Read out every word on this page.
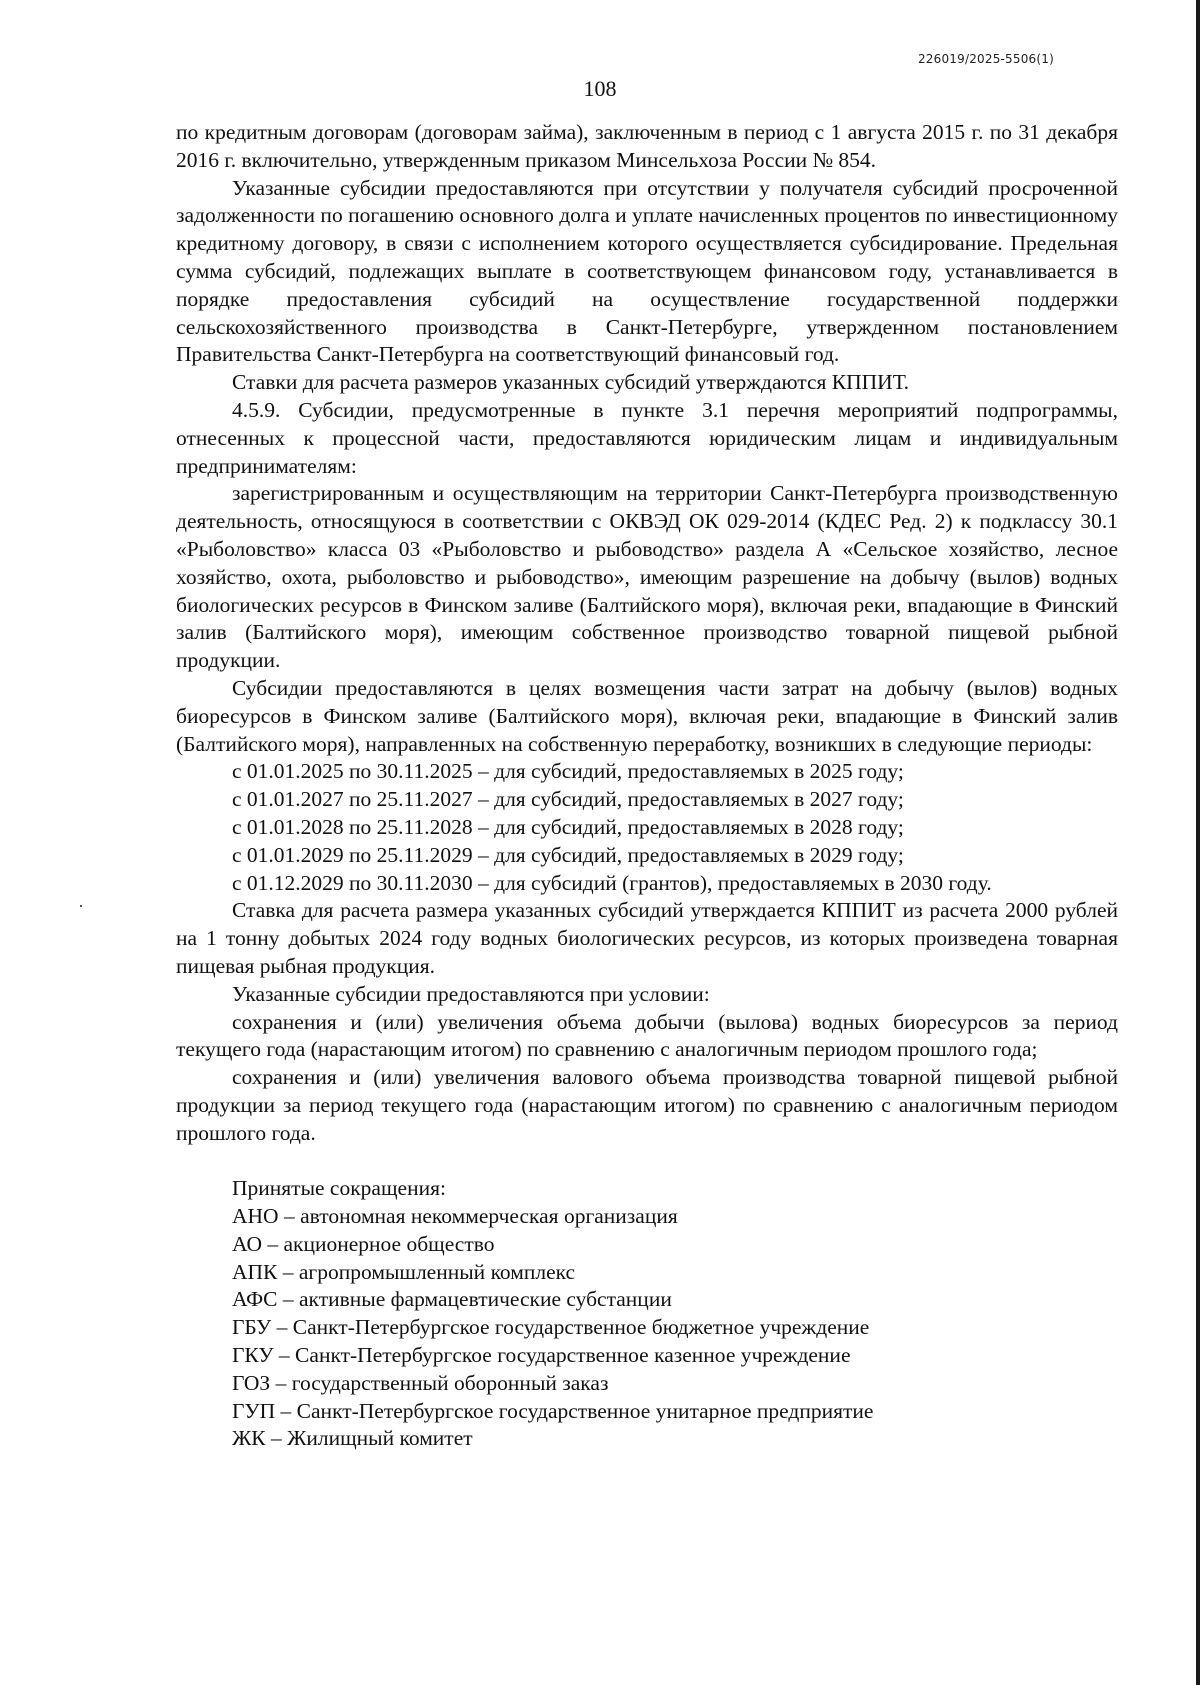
226019/2025-5506(1)
108

по кредитным договорам (договорам займа), заключенным в период с 1 августа 2015 г. по 31 декабря 2016 г. включительно, утвержденным приказом Минсельхоза России № 854.

Указанные субсидии предоставляются при отсутствии у получателя субсидий просроченной задолженности по погашению основного долга и уплате начисленных процентов по инвестиционному кредитному договору, в связи с исполнением которого осуществляется субсидирование. Предельная сумма субсидий, подлежащих выплате в соответствующем финансовом году, устанавливается в порядке предоставления субсидий на осуществление государственной поддержки сельскохозяйственного производства в Санкт-Петербурге, утвержденном постановлением Правительства Санкт-Петербурга на соответствующий финансовый год.

Ставки для расчета размеров указанных субсидий утверждаются КППИТ.

4.5.9. Субсидии, предусмотренные в пункте 3.1 перечня мероприятий подпрограммы, отнесенных к процессной части, предоставляются юридическим лицам и индивидуальным предпринимателям:

зарегистрированным и осуществляющим на территории Санкт-Петербурга производственную деятельность, относящуюся в соответствии с ОКВЭД ОК 029-2014 (КДЕС Ред. 2) к подклассу 30.1 «Рыболовство» класса 03 «Рыболовство и рыбоводство» раздела А «Сельское хозяйство, лесное хозяйство, охота, рыболовство и рыбоводство», имеющим разрешение на добычу (вылов) водных биологических ресурсов в Финском заливе (Балтийского моря), включая реки, впадающие в Финский залив (Балтийского моря), имеющим собственное производство товарной пищевой рыбной продукции.

Субсидии предоставляются в целях возмещения части затрат на добычу (вылов) водных биоресурсов в Финском заливе (Балтийского моря), включая реки, впадающие в Финский залив (Балтийского моря), направленных на собственную переработку, возникших в следующие периоды:

с 01.01.2025 по 30.11.2025 – для субсидий, предоставляемых в 2025 году;

с 01.01.2027 по 25.11.2027 – для субсидий, предоставляемых в 2027 году;

с 01.01.2028 по 25.11.2028 – для субсидий, предоставляемых в 2028 году;

с 01.01.2029 по 25.11.2029 – для субсидий, предоставляемых в 2029 году;

с 01.12.2029 по 30.11.2030 – для субсидий (грантов), предоставляемых в 2030 году.

Ставка для расчета размера указанных субсидий утверждается КППИТ из расчета 2000 рублей на 1 тонну добытых 2024 году водных биологических ресурсов, из которых произведена товарная пищевая рыбная продукция.

Указанные субсидии предоставляются при условии:

сохранения и (или) увеличения объема добычи (вылова) водных биоресурсов за период текущего года (нарастающим итогом) по сравнению с аналогичным периодом прошлого года;

сохранения и (или) увеличения валового объема производства товарной пищевой рыбной продукции за период текущего года (нарастающим итогом) по сравнению с аналогичным периодом прошлого года.

Принятые сокращения:
АНО – автономная некоммерческая организация
АО – акционерное общество
АПК – агропромышленный комплекс
АФС – активные фармацевтические субстанции
ГБУ – Санкт-Петербургское государственное бюджетное учреждение
ГКУ – Санкт-Петербургское государственное казенное учреждение
ГОЗ – государственный оборонный заказ
ГУП – Санкт-Петербургское государственное унитарное предприятие
ЖК – Жилищный комитет
